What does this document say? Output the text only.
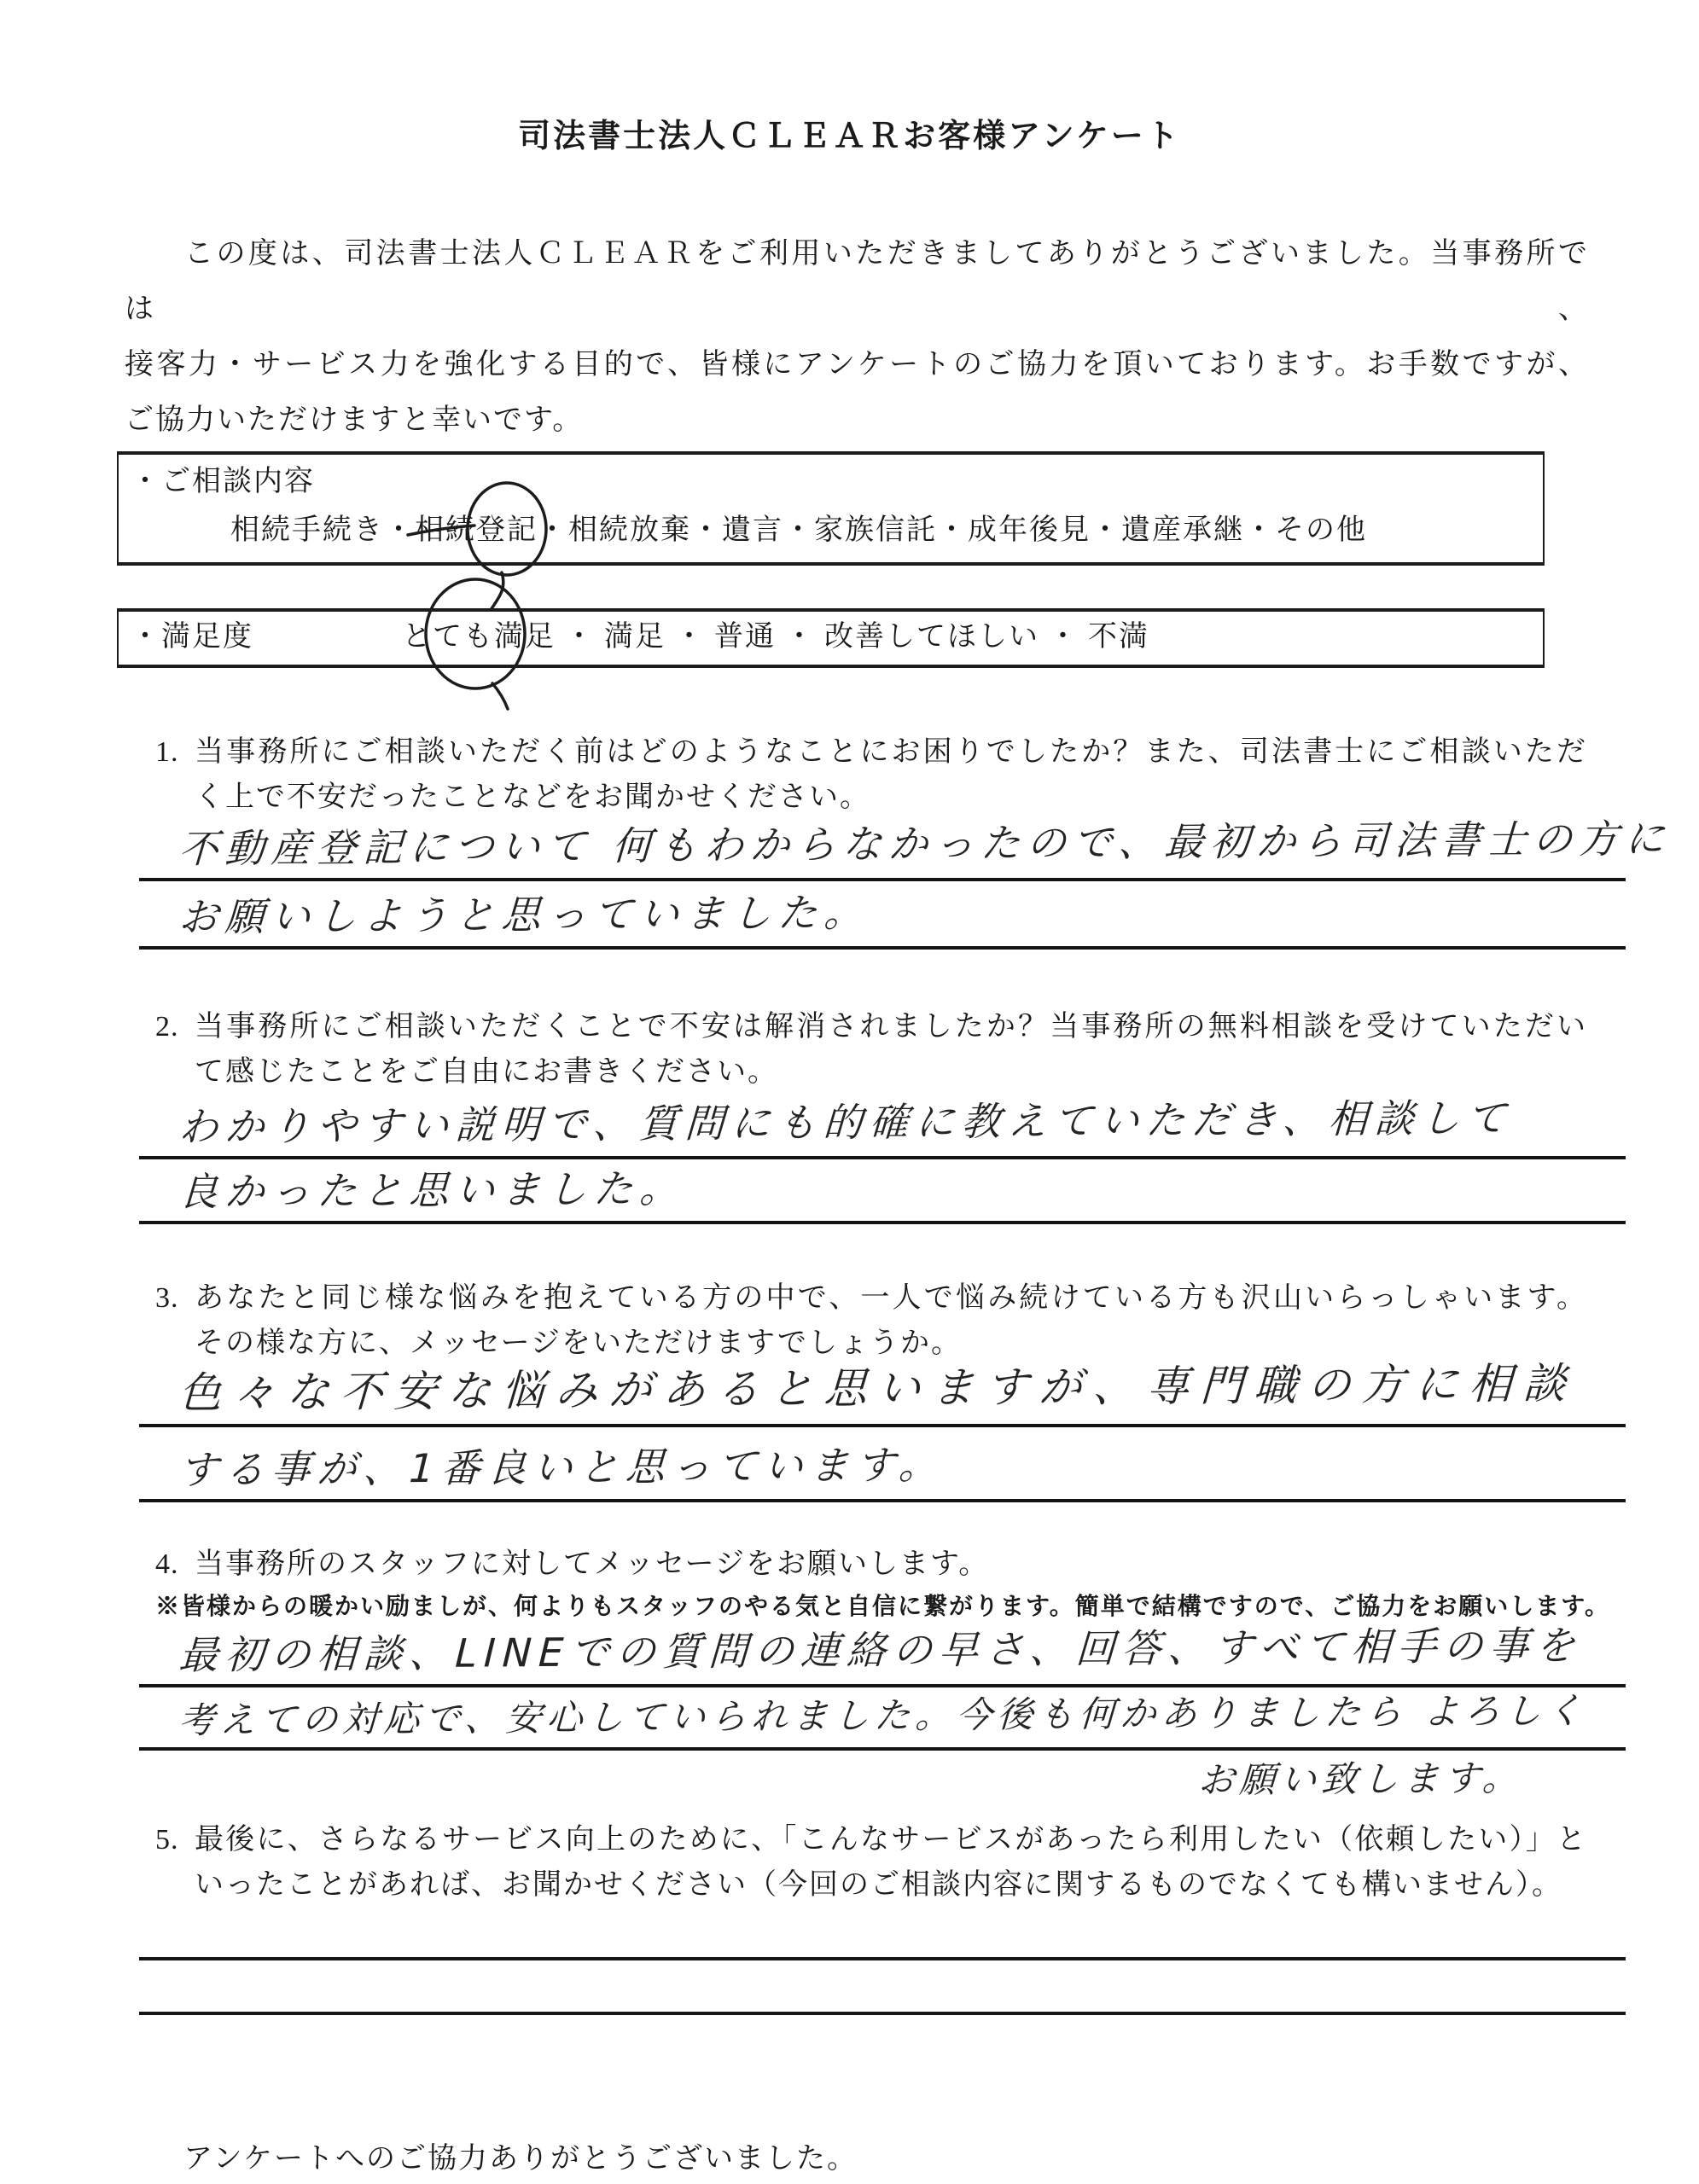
司法書士法人ＣＬＥＡＲお客様アンケート
この度は、司法書士法人ＣＬＥＡＲをご利用いただきましてありがとうございました。当事務所では、
接客力・サービス力を強化する目的で、皆様にアンケートのご協力を頂いております。お手数ですが、
ご協力いただけますと幸いです。
・ご相談内容
相続手続き・
相続登記・相続放棄・遺言・家族信託・成年後見・遺産承継・その他
・満足度	とても満足 ・ 満足 ・ 普通 ・ 改善してほしい ・ 不満
1. 当事務所にご相談いただく前はどのようなことにお困りでしたか？また、司法書士にご相談いただ
く上で不安だったことなどをお聞かせください。
不動産登記について 何もわからなかったので、最初から司法書士の方に
お願いしようと思っていました。
2. 当事務所にご相談いただくことで不安は解消されましたか？当事務所の無料相談を受けていただい
て感じたことをご自由にお書きください。
わかりやすい説明で、質問にも的確に教えていただき、相談して
良かったと思いました。
3. あなたと同じ様な悩みを抱えている方の中で、一人で悩み続けている方も沢山いらっしゃいます。
その様な方に、メッセージをいただけますでしょうか。
色々な不安な悩みがあると思いますが、専門職の方に相談
する事が、1番良いと思っています。
4. 当事務所のスタッフに対してメッセージをお願いします。
※皆様からの暖かい励ましが、何よりもスタッフのやる気と自信に繋がります。簡単で結構ですので、ご協力をお願いします。
最初の相談、LINEでの質問の連絡の早さ、回答、すべて相手の事を
考えての対応で、安心していられました。今後も何かありましたら よろしく
お願い致します。
5. 最後に、さらなるサービス向上のために、「こんなサービスがあったら利用したい（依頼したい）」と
いったことがあれば、お聞かせください（今回のご相談内容に関するものでなくても構いません）。
アンケートへのご協力ありがとうございました。
